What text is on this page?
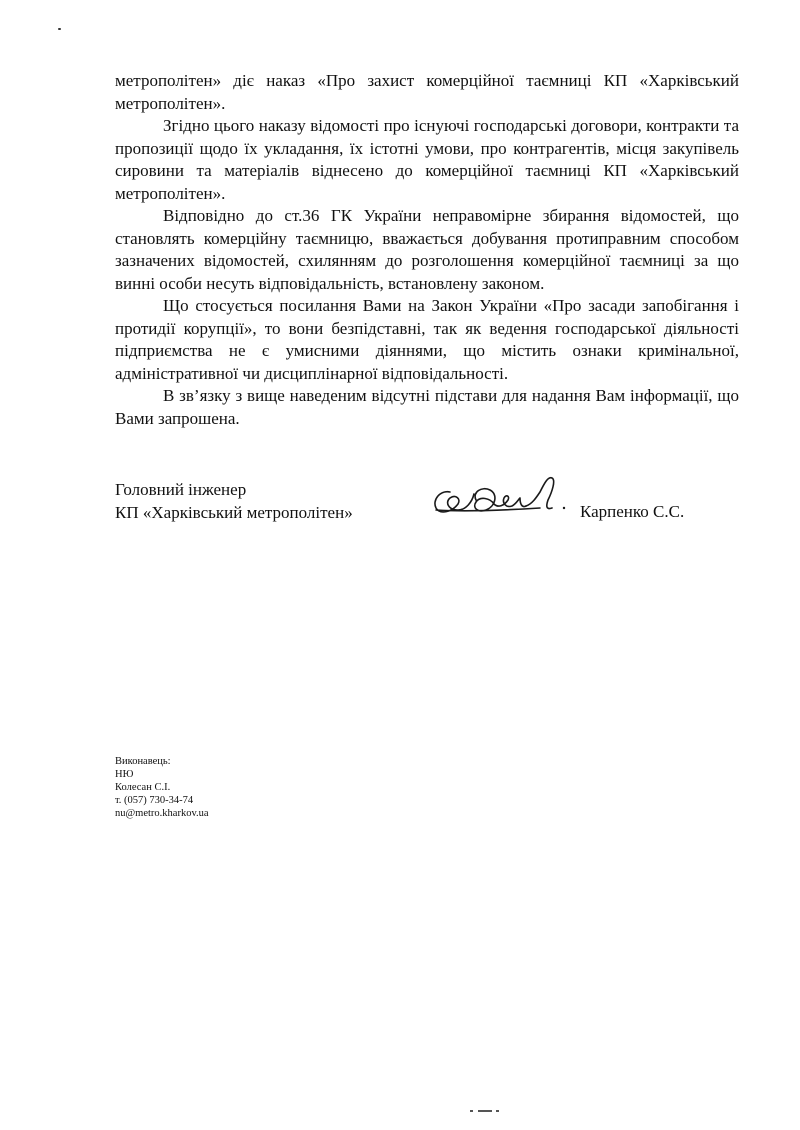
метрополітен» діє наказ «Про захист комерційної таємниці КП «Харківський метрополітен».

Згідно цього наказу відомості про існуючі господарські договори, контракти та пропозиції щодо їх укладання, їх істотні умови, про контрагентів, місця закупівель сировини та матеріалів віднесено до комерційної таємниці КП «Харківський метрополітен».

Відповідно до ст.36 ГК України неправомірне збирання відомостей, що становлять комерційну таємницю, вважається добування протиправним способом зазначених відомостей, схилянням до розголошення комерційної таємниці за що винні особи несуть відповідальність, встановлену законом.

Що стосується посилання Вами на Закон України «Про засади запобігання і протидії корупції», то вони безпідставні, так як ведення господарської діяльності підприємства не є умисними діяннями, що містить ознаки кримінальної, адміністративної чи дисциплінарної відповідальності.

В зв’язку з вище наведеним відсутні підстави для надання Вам інформації, що Вами запрошена.

Головний інженер
КП «Харківський метрополітен»	Карпенко С.С.
Виконавець:
НЮ
Колесан С.І.
т. (057) 730-34-74
nu@metro.kharkov.ua
